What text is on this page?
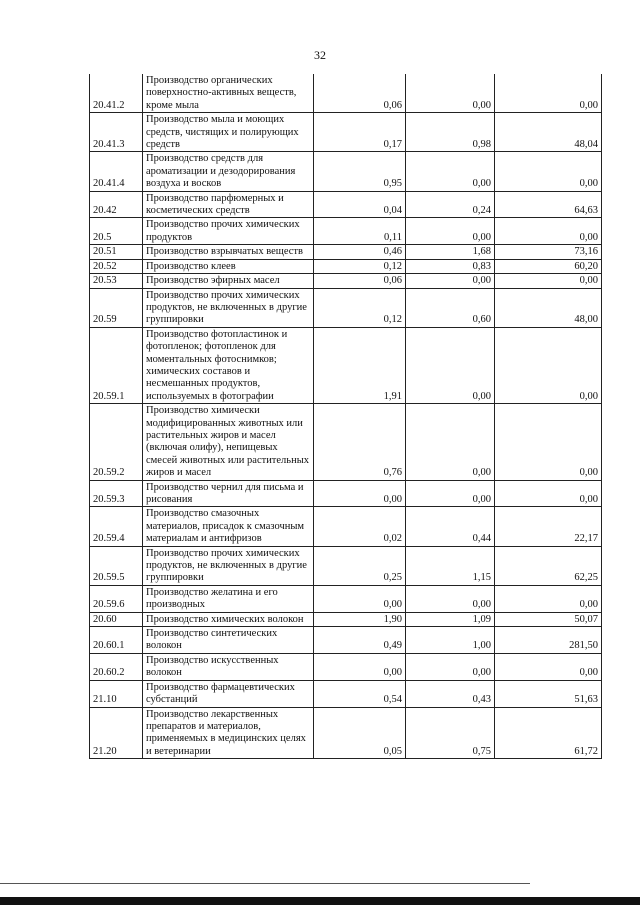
32
20.41.2	Производство органических поверхностно-активных веществ, кроме мыла	0,06	0,00	0,00
20.41.3	Производство мыла и моющих средств, чистящих и полирующих средств	0,17	0,98	48,04
20.41.4	Производство средств для ароматизации и дезодорирования воздуха и восков	0,95	0,00	0,00
20.42	Производство парфюмерных и косметических средств	0,04	0,24	64,63
20.5	Производство прочих химических продуктов	0,11	0,00	0,00
20.51	Производство взрывчатых веществ	0,46	1,68	73,16
20.52	Производство клеев	0,12	0,83	60,20
20.53	Производство эфирных масел	0,06	0,00	0,00
20.59	Производство прочих химических продуктов, не включенных в другие группировки	0,12	0,60	48,00
20.59.1	Производство фотопластинок и фотопленок; фотопленок для моментальных фотоснимков; химических составов и несмешанных продуктов, используемых в фотографии	1,91	0,00	0,00
20.59.2	Производство химически модифицированных животных или растительных жиров и масел (включая олифу), непищевых смесей животных или растительных жиров и масел	0,76	0,00	0,00
20.59.3	Производство чернил для письма и рисования	0,00	0,00	0,00
20.59.4	Производство смазочных материалов, присадок к смазочным материалам и антифризов	0,02	0,44	22,17
20.59.5	Производство прочих химических продуктов, не включенных в другие группировки	0,25	1,15	62,25
20.59.6	Производство желатина и его производных	0,00	0,00	0,00
20.60	Производство химических волокон	1,90	1,09	50,07
20.60.1	Производство синтетических волокон	0,49	1,00	281,50
20.60.2	Производство искусственных волокон	0,00	0,00	0,00
21.10	Производство фармацевтических субстанций	0,54	0,43	51,63
21.20	Производство лекарственных препаратов и материалов, применяемых в медицинских целях и ветеринарии	0,05	0,75	61,72
